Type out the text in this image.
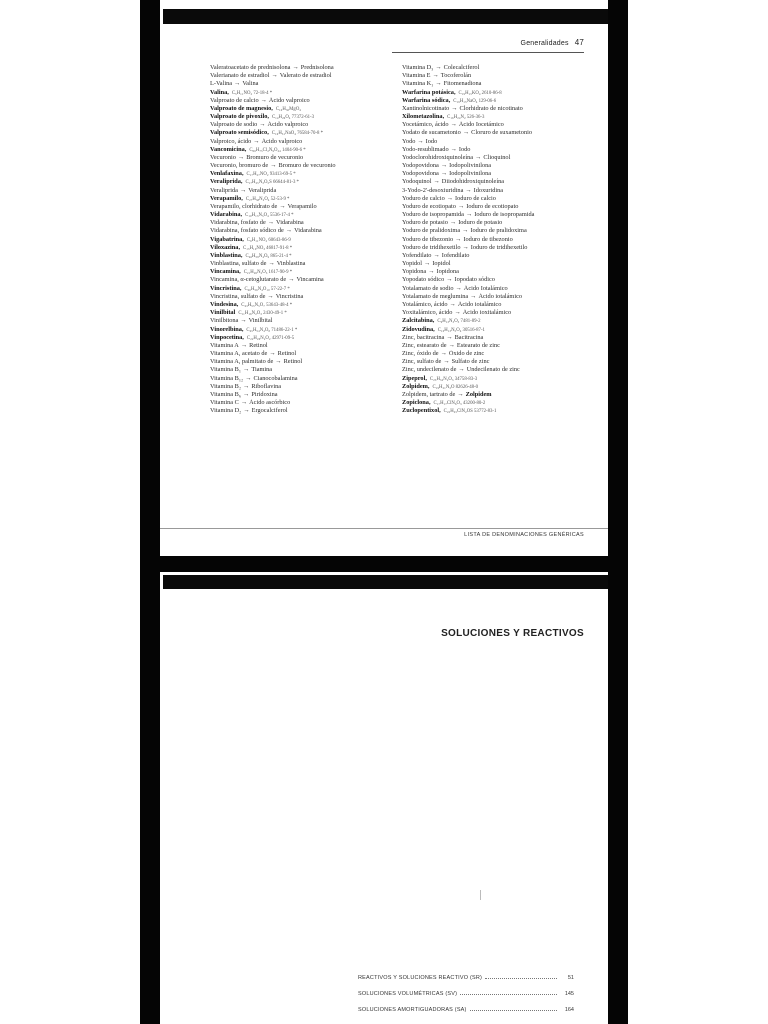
Generalidades 47
Valeratoacetato de prednisolona → Prednisolona
Valerianato de estradiol → Valerato de estradiol
L-Valina → Valina
Valina, C₅H₁₁NO₂ 72-18-4 *
Valproato de calcio → Ácido valproico
Valproato de magnesio, C₁₆H₃₀MgO₄
Valproato de pivoxilo, C₁₄H₂₆O₄ 77372-61-3
Valproato de sodio → Ácido valproico
Valproato semisódico, C₁₆H₃₁NaO₄ 76584-70-8 *
Valproico, ácido → Ácido valproico
Vancomicina, C₆₆H₇₅Cl₂N₉O₂₄ 1404-90-6 *
Vecuronio → Bromuro de vecuronio
Vecuronio, bromuro de → Bromuro de vecuronio
Venlafaxina, C₁₇H₂₇NO₂ 93413-69-5 *
Veraliprida, C₁₇H₂₅N₃O₅S 66644-81-3 *
Veraliprida → Veraliprida
Verapamilo, C₂₇H₃₈N₂O₄ 52-53-9 *
Verapamilo, clorhidrato de → Verapamilo
Vidarabina, C₁₀H₁₃N₅O₄ 5536-17-4 *
Vidarabina, fosfato de → Vidarabina
Vidarabina, fosfato sódico de → Vidarabina
Vigabatrina, C₆H₁₁NO₂ 60643-86-9
Viloxazina, C₁₃H₁₉NO₃ 46817-91-8 *
Vinblastina, C₄₆H₅₈N₄O₉ 865-21-4 *
Vinblastina, sulfato de → Vinblastina
Vincamina, C₂₁H₂₆N₂O₃ 1617-90-9 *
Vincamina, α-cetoglutarato de → Vincamina
Vincristina, C₄₆H₅₆N₄O₁₀ 57-22-7 *
Vincristina, sulfato de → Vincristina
Vindesina, C₄₃H₅₅N₅O₇ 53643-48-4 *
Vinilbital C₁₁H₁₆N₂O₃ 2430-49-1 *
Vinilbitona → Vinilbital
Vinorelbina, C₄₅H₅₄N₄O₈ 71486-22-1 *
Vinpocetina, C₂₂H₂₆N₂O₂ 42971-09-5
Vitamina A → Retinol
Vitamina A, acetato de → Retinol
Vitamina A, palmitato de → Retinol
Vitamina B₁ → Tiamina
Vitamina B₁₂ → Cianocobalamina
Vitamina B₂ → Riboflavina
Vitamina B₆ → Piridoxina
Vitamina C → Ácido ascórbico
Vitamina D₂ → Ergocalciferol
Vitamina D₃ → Colecalciferol
Vitamina E → Tocoferolán
Vitamina K₁ → Fitomenadiona
Warfarina potásica, C₁₉H₁₅KO₄ 2610-86-8
Warfarina sódica, C₁₉H₁₅NaO₄ 129-06-6
Xantinolnicotinato → Clorhidrato de nicotinato
Xilometazolina, C₁₆H₂₄N₂ 526-36-3
Yocetámico, ácido → Ácido Iocetámico
Yodato de sucametonio → Cloruro de suxametonio
Yodo → Iodo
Yodo-resublimado → Iodo
Yodoclorohidroxiquinoleína → Clioquinol
Yodopovidona → Iodopolivinilona
Yodopovidona → Iodopolivinilona
Yodoquinol → Diiodohidroxiquinoleína
3-Yodo-2'-desoxiuridina → Idoxuridina
Yoduro de calcio → Ioduro de calcio
Yoduro de ecotiopato → Ioduro de ecotiopato
Yoduro de isopropamida → Ioduro de isopropamida
Yoduro de potasio → Ioduro de potasio
Yoduro de pralidoxima → Ioduro de pralidoxima
Yoduro de tibezonio → Ioduro de tibezonio
Yoduro de tridihexetilo → Ioduro de tridihexetilo
Yofendilato → Iofendilato
Yopidol → Iopidol
Yopidona → Iopidona
Yopodato sódico → Iopodato sódico
Yotalamato de sodio → Ácido Iotalámico
Yotalamato de meglumina → Ácido iotalámico
Yotalámico, ácido → Ácido iotalámico
Yoxitalámico, ácido → Ácido ioxitalámico
Zalcitabina, C₉H₁₃N₃O₃ 7481-89-2
Zidovudina, C₁₀H₁₃N₅O₄ 30516-87-1
Zinc, bacitracina → Bacitracina
Zinc, estearato de → Estearato de zinc
Zinc, óxido de → Óxido de zinc
Zinc, sulfato de → Sulfato de zinc
Zinc, undecilenato de → Undecilenato de zinc
Zipeprol, C₂₃H₃₂N₂O₃ 34758-83-3
Zolpidem, C₁₉H₂₁N₃O 82626-48-0
Zolpidem, tartrato de → Zolpidem
Zopiclona, C₁₇H₁₇ClN₆O₃ 43200-80-2
Zuclopentixol, C₂₂H₂₅ClN₂OS 53772-83-1
LISTA DE DENOMINACIONES GENÉRICAS
SOLUCIONES Y REACTIVOS
REACTIVOS Y SOLUCIONES REACTIVO (SR)	51
SOLUCIONES VOLUMÉTRICAS (SV)	145
SOLUCIONES AMORTIGUADORAS (SA)	164
